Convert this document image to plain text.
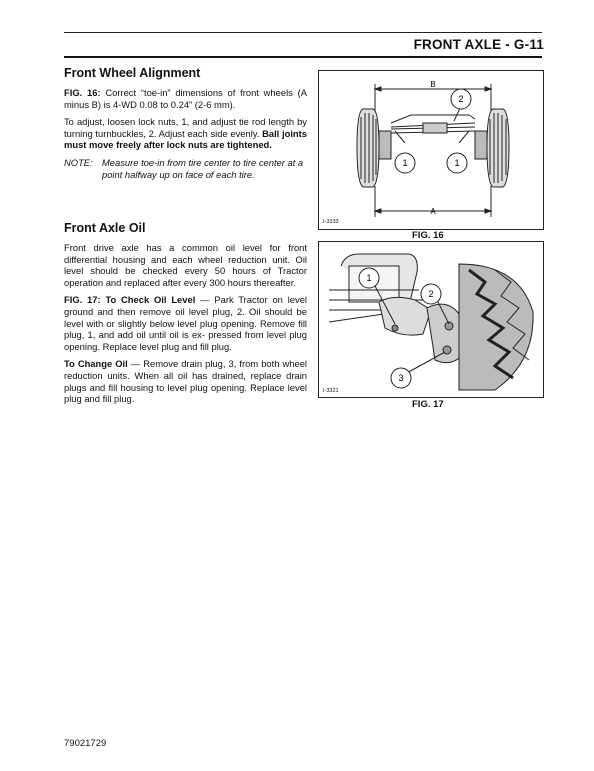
FRONT AXLE - G-11
Front Wheel Alignment

FIG. 16: Correct “toe-in” dimensions of front wheels (A minus B) is 4-WD 0.08 to 0.24” (2-6 mm).

To adjust, loosen lock nuts, 1, and adjust tie rod length by turning turnbuckles, 2. Adjust each side evenly. Ball joints must move freely after lock nuts are tightened.

NOTE: Measure toe-in from tire center to tire center at a
point halfway up on face of each tire.

Front Axle Oil

Front drive axle has a common oil level for front differential housing and each wheel reduction unit. Oil level should be checked every 50 hours of Tractor operation and replaced after every 300 hours thereafter.

FIG. 17: To Check Oil Level — Park Tractor on level ground and then remove oil level plug, 2. Oil should be level with or slightly below level plug opening. Remove fill plug, 1, and add oil until oil is ex- pressed from level plug opening. Replace level plug and fill plug.

To Change Oil — Remove drain plug, 3, from both wheel reduction units. When all oil has drained, replace drain plugs and fill housing to level plug opening. Replace level plug and fill plug.

B
A
1	1
2
I-3333
FIG. 16
1
2
3
I-3321
FIG. 17
79021729
